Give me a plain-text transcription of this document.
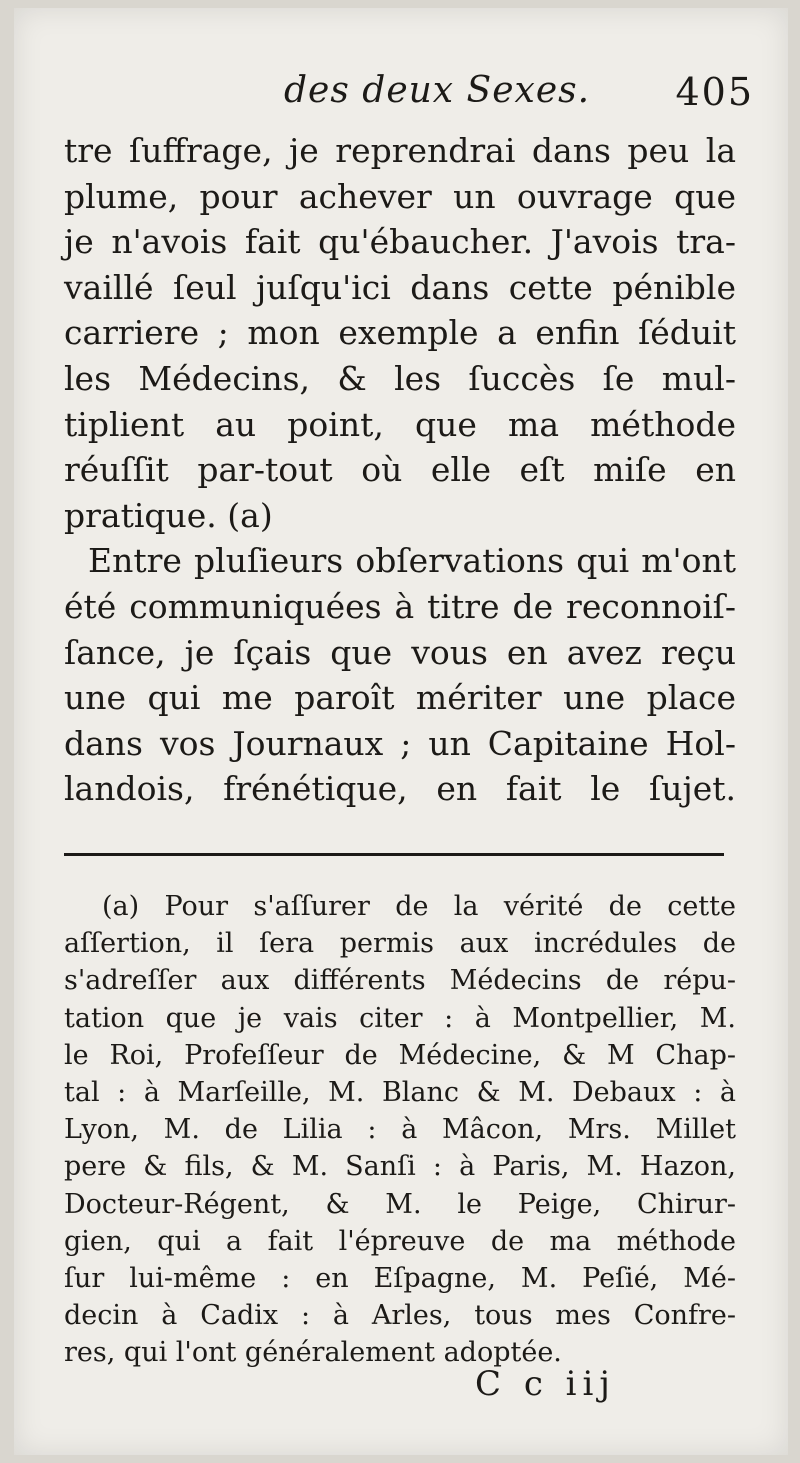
des deux Sexes. 405
tre ſuffrage, je reprendrai dans peu la
plume, pour achever un ouvrage que
je n'avois fait qu'ébaucher. J'avois tra-
vaillé ſeul juſqu'ici dans cette pénible
carriere ; mon exemple a enfin ſéduit
les Médecins, & les ſuccès ſe mul-
tiplient au point, que ma méthode
réuſſit par-tout où elle eſt miſe en
pratique. (a)
Entre pluſieurs obſervations qui m'ont
été communiquées à titre de reconnoiſ-
ſance, je ſçais que vous en avez reçu
une qui me paroît mériter une place
dans vos Journaux ; un Capitaine Hol-
landois, frénétique, en fait le ſujet.
(a) Pour s'aſſurer de la vérité de cette
aſſertion, il ſera permis aux incrédules de
s'adreſſer aux différents Médecins de répu-
tation que je vais citer : à Montpellier, M.
le Roi, Profeſſeur de Médecine, & M Chap-
tal : à Marſeille, M. Blanc & M. Debaux : à
Lyon, M. de Lilia : à Mâcon, Mrs. Millet
pere & fils, & M. Sanſi : à Paris, M. Hazon,
Docteur-Régent, & M. le Peige, Chirur-
gien, qui a fait l'épreuve de ma méthode
ſur lui-même : en Eſpagne, M. Peſié, Mé-
decin à Cadix : à Arles, tous mes Confre-
res, qui l'ont généralement adoptée.
C c iij
